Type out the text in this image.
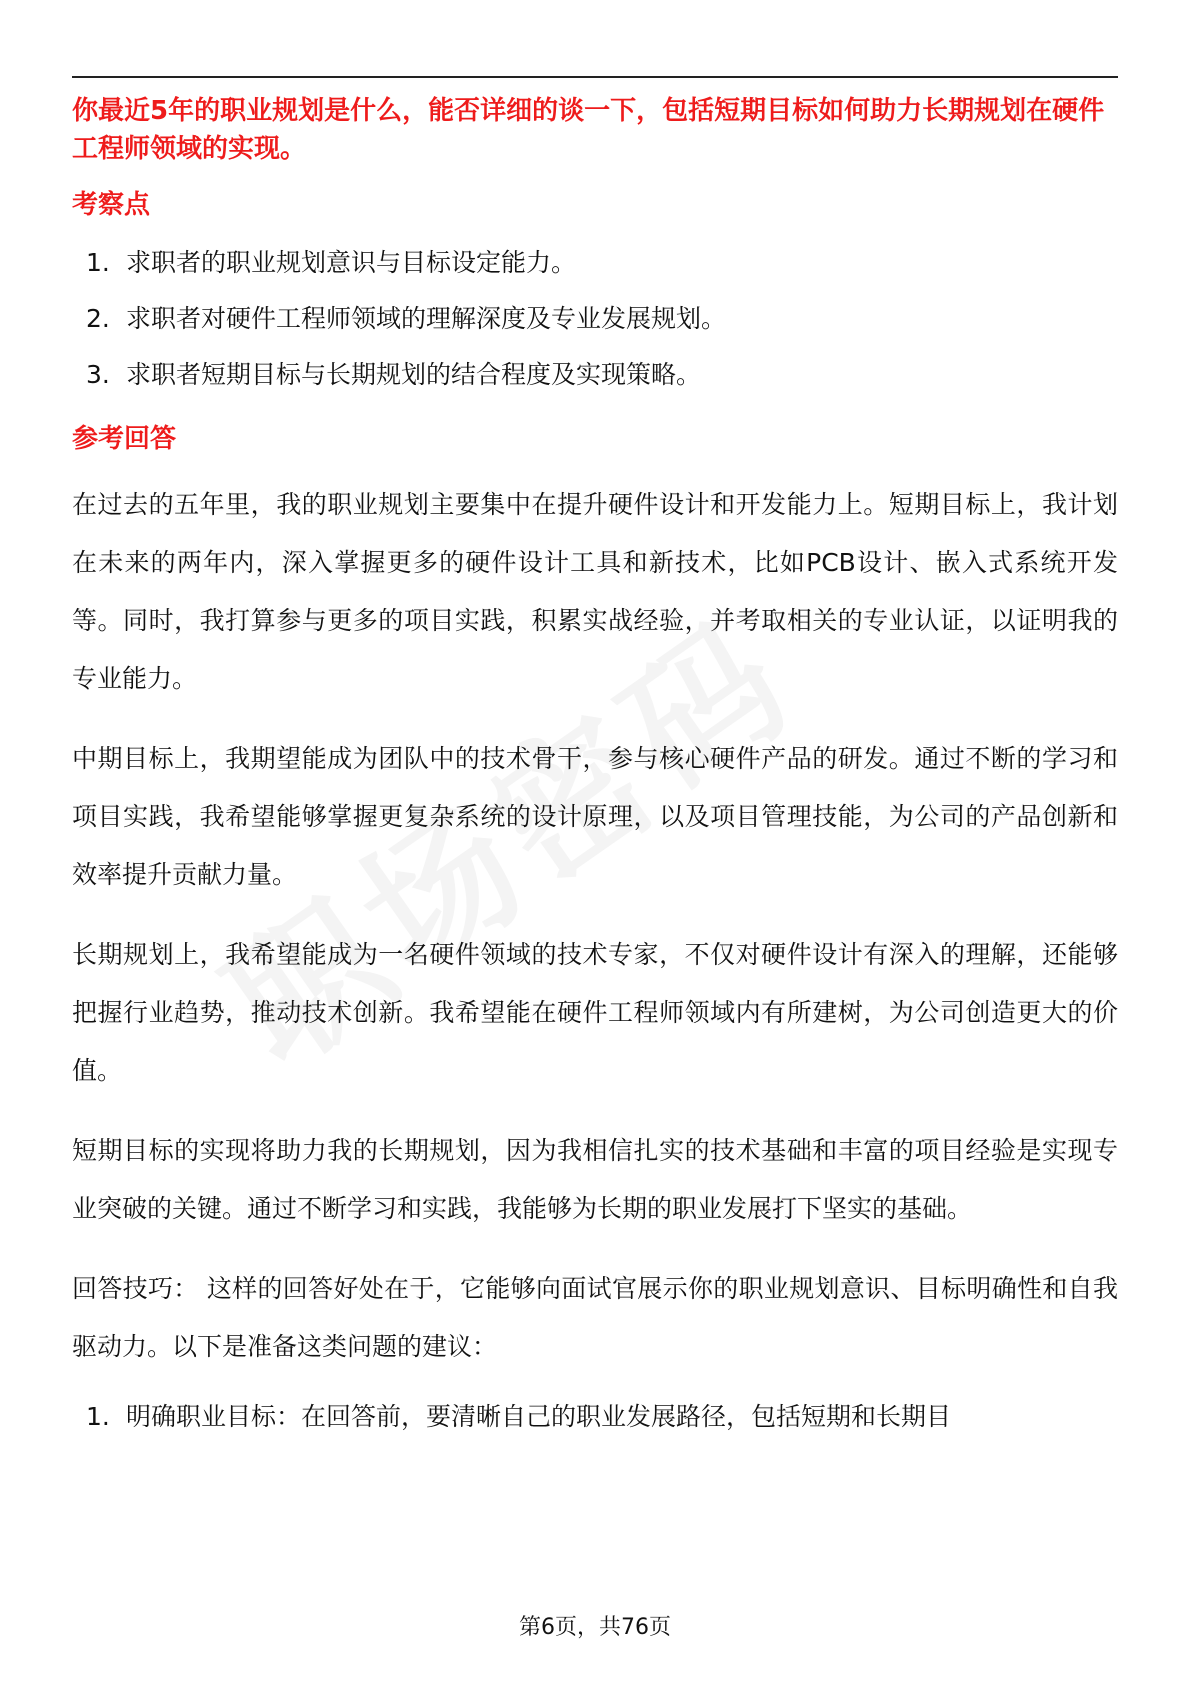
你最近5年的职业规划是什么，能否详细的谈一下，包括短期目标如何助力长期规划在硬件工程师领域的实现。

考察点

1. 求职者的职业规划意识与目标设定能力。
2. 求职者对硬件工程师领域的理解深度及专业发展规划。
3. 求职者短期目标与长期规划的结合程度及实现策略。

参考回答

在过去的五年里，我的职业规划主要集中在提升硬件设计和开发能力上。短期目标上，我计划在未来的两年内，深入掌握更多的硬件设计工具和新技术，比如PCB设计、嵌入式系统开发等。同时，我打算参与更多的项目实践，积累实战经验，并考取相关的专业认证，以证明我的专业能力。

中期目标上，我期望能成为团队中的技术骨干，参与核心硬件产品的研发。通过不断的学习和项目实践，我希望能够掌握更复杂系统的设计原理，以及项目管理技能，为公司的产品创新和效率提升贡献力量。

长期规划上，我希望能成为一名硬件领域的技术专家，不仅对硬件设计有深入的理解，还能够把握行业趋势，推动技术创新。我希望能在硬件工程师领域内有所建树，为公司创造更大的价值。

短期目标的实现将助力我的长期规划，因为我相信扎实的技术基础和丰富的项目经验是实现专业突破的关键。通过不断学习和实践，我能够为长期的职业发展打下坚实的基础。

回答技巧： 这样的回答好处在于，它能够向面试官展示你的职业规划意识、目标明确性和自我驱动力。以下是准备这类问题的建议：

1. 明确职业目标：在回答前，要清晰自己的职业发展路径，包括短期和长期目
第6页，共76页
